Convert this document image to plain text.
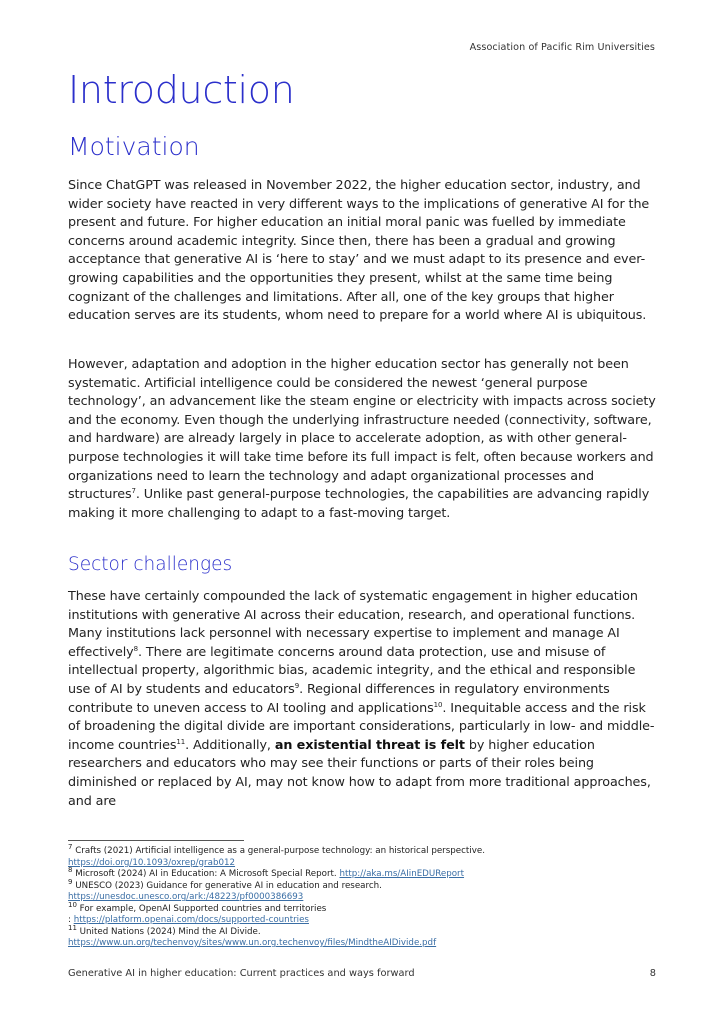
Association of Pacific Rim Universities
Introduction
Motivation

Since ChatGPT was released in November 2022, the higher education sector, industry, and wider society have reacted in very different ways to the implications of generative AI for the present and future. For higher education an initial moral panic was fuelled by immediate concerns around academic integrity. Since then, there has been a gradual and growing acceptance that generative AI is ‘here to stay’ and we must adapt to its presence and ever-growing capabilities and the opportunities they present, whilst at the same time being cognizant of the challenges and limitations. After all, one of the key groups that higher education serves are its students, whom need to prepare for a world where AI is ubiquitous.

However, adaptation and adoption in the higher education sector has generally not been systematic. Artificial intelligence could be considered the newest ‘general purpose technology’, an advancement like the steam engine or electricity with impacts across society and the economy. Even though the underlying infrastructure needed (connectivity, software, and hardware) are already largely in place to accelerate adoption, as with other general-purpose technologies it will take time before its full impact is felt, often because workers and organizations need to learn the technology and adapt organizational processes and structures$^7$. Unlike past general-purpose technologies, the capabilities are advancing rapidly making it more challenging to adapt to a fast-moving target.

Sector challenges

These have certainly compounded the lack of systematic engagement in higher education institutions with generative AI across their education, research, and operational functions. Many institutions lack personnel with necessary expertise to implement and manage AI effectively$^8$. There are legitimate concerns around data protection, use and misuse of intellectual property, algorithmic bias, academic integrity, and the ethical and responsible use of AI by students and educators$^9$. Regional differences in regulatory environments contribute to uneven access to AI tooling and applications$^{10}$. Inequitable access and the risk of broadening the digital divide are important considerations, particularly in low- and middle-income countries$^{11}$. Additionally, an existential threat is felt by higher education researchers and educators who may see their functions or parts of their roles being diminished or replaced by AI, may not know how to adapt from more traditional approaches, and are

$^7$ Crafts (2021) Artificial intelligence as a general-purpose technology: an historical perspective.
https://doi.org/10.1093/oxrep/grab012

$^8$ Microsoft (2024) AI in Education: A Microsoft Special Report. http://aka.ms/AIinEDUReport

$^9$ UNESCO (2023) Guidance for generative AI in education and research.
https://unesdoc.unesco.org/ark:/48223/pf0000386693

$^{10}$ For example, OpenAI Supported countries and territories
: https://platform.openai.com/docs/supported-countries

$^{11}$ United Nations (2024) Mind the AI Divide.
https://www.un.org/techenvoy/sites/www.un.org.techenvoy/files/MindtheAIDivide.pdf

Generative AI in higher education: Current practices and ways forward	8
